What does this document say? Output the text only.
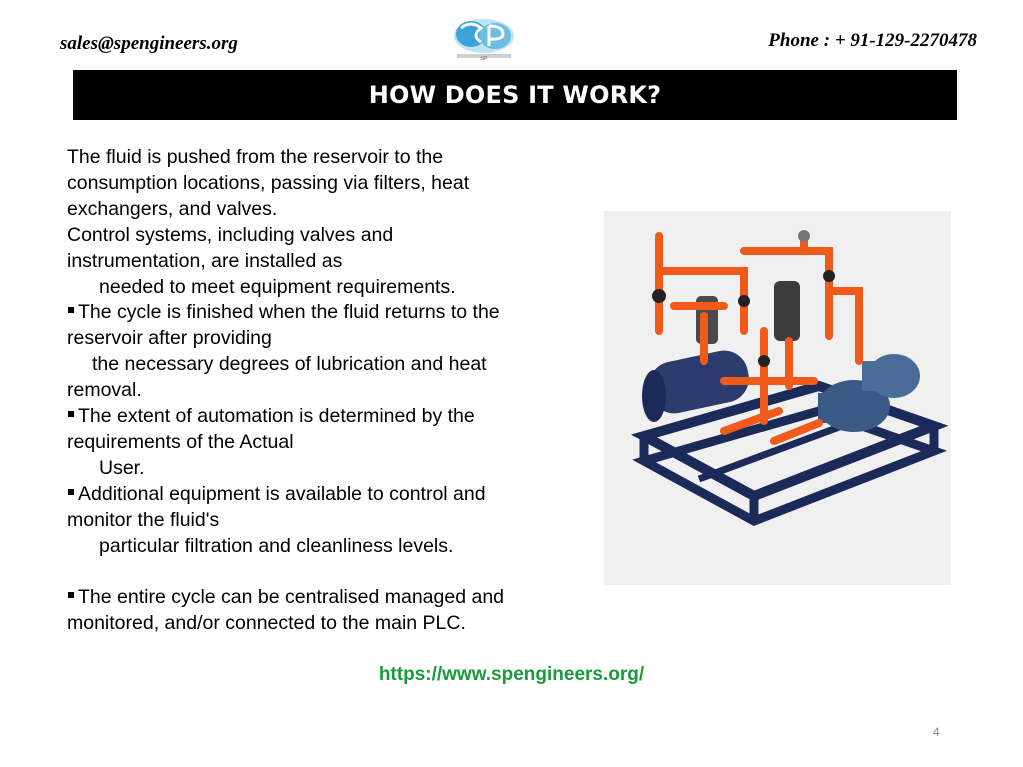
sales@spengineers.org
SP
Phone : + 91-129-2270478
HOW DOES IT WORK?
The fluid is pushed from the reservoir to the
consumption locations, passing via filters, heat
exchangers, and valves.
Control systems, including valves and
instrumentation, are installed as
needed to meet equipment requirements.
The cycle is finished when the fluid returns to the
reservoir after providing
the necessary degrees of lubrication and heat
removal.
The extent of automation is determined by the
requirements of the Actual
User.
Additional equipment is available to control and
monitor the fluid's
particular filtration and cleanliness levels.
The entire cycle can be centralised managed and
monitored, and/or connected to the main PLC.
https://www.spengineers.org/
4
